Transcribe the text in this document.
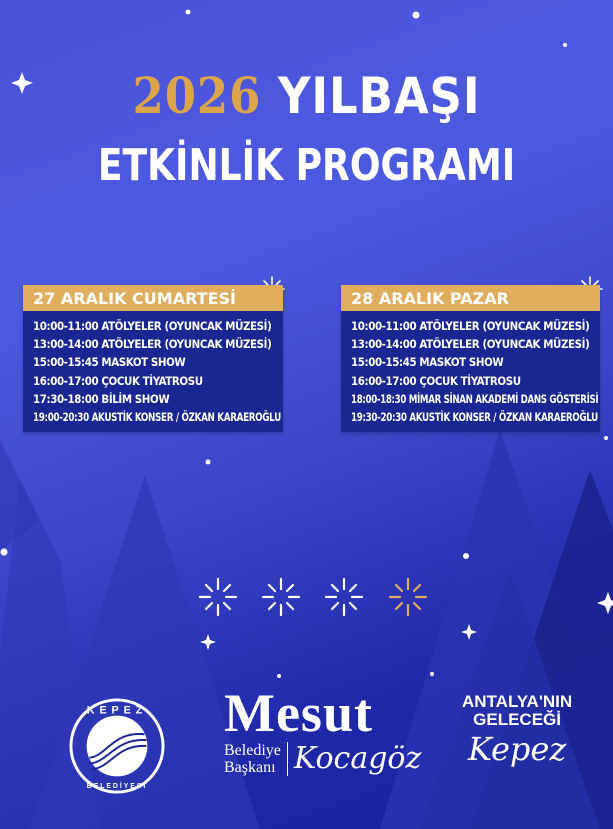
2026 YILBAŞI
ETKİNLİK PROGRAMI
27 ARALIK CUMARTESİ
10:00-11:00 ATÖLYELER (OYUNCAK MÜZESİ)
13:00-14:00 ATÖLYELER (OYUNCAK MÜZESİ)
15:00-15:45 MASKOT SHOW
16:00-17:00 ÇOCUK TİYATROSU
17:30-18:00 BİLİM SHOW
19:00-20:30 AKUSTİK KONSER / ÖZKAN KARAEROĞLU
28 ARALIK PAZAR
10:00-11:00 ATÖLYELER (OYUNCAK MÜZESİ)
13:00-14:00 ATÖLYELER (OYUNCAK MÜZESİ)
15:00-15:45 MASKOT SHOW
16:00-17:00 ÇOCUK TİYATROSU
18:00-18:30 MİMAR SİNAN AKADEMİ DANS GÖSTERİSİ
19:30-20:30 AKUSTİK KONSER / ÖZKAN KARAEROĞLU
KEPEZ
BELEDİYESİ
Mesut
Belediye
Başkanı Kocagöz
ANTALYA'NIN
GELECEĞİ
Kepez
